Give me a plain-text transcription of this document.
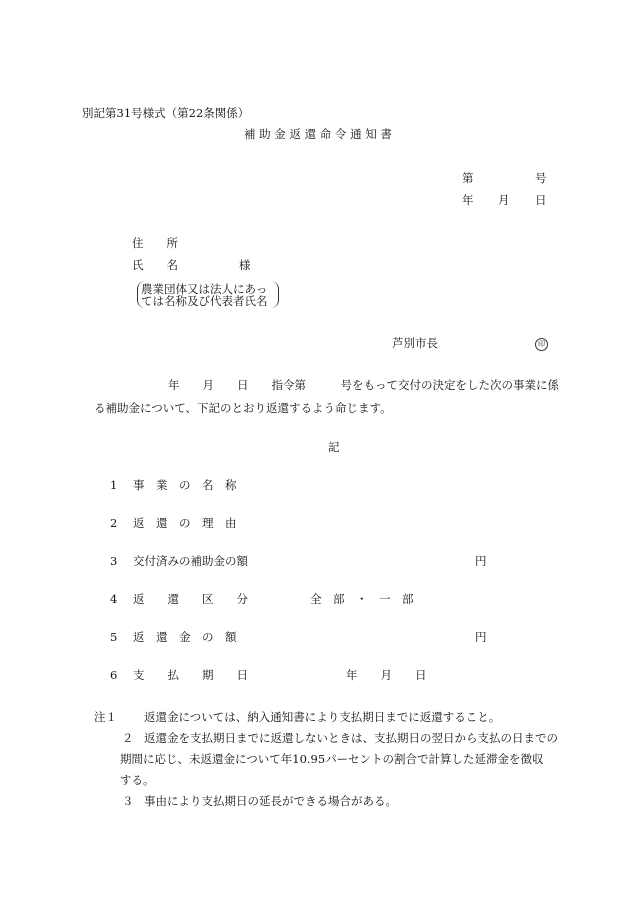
別記第31号様式（第22条関係）
補 助 金 返 還 命 令 通 知 書
第	号
年 月 日
住　　所
氏　　名	様
農業団体又は法人にあっ
ては名称及び代表者氏名
芦別市長	印
年　　月　　日　　指令第　　　号をもって交付の決定をした次の事業に係
る補助金について、下記のとおり返還するよう命じます。
記
1 事　業　の　名　称
2 返　還　の　理　由
3 交付済みの補助金の額	円
4 返　　還　　区　　分	全　部　・　一　部
5 返　還　金　の　額	円
6 支　　払　　期　　日	年　　月　　日
注１ 返還金については、納入通知書により支払期日までに返還すること。
２ 返還金を支払期日までに返還しないときは、支払期日の翌日から支払の日までの
期間に応じ、未返還金について年10.95パーセントの割合で計算した延滞金を徴収
する。
３ 事由により支払期日の延長ができる場合がある。
